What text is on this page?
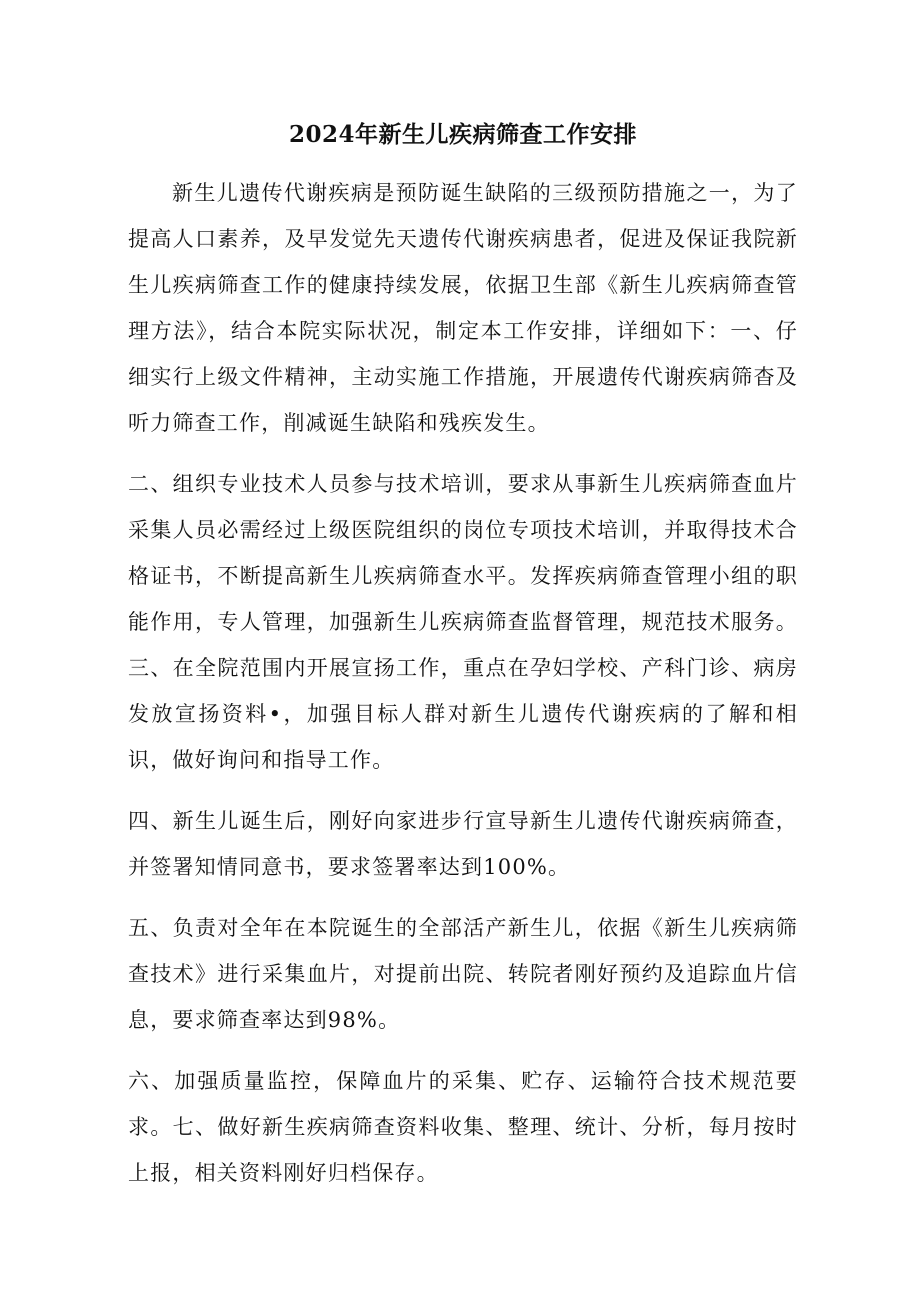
2024年新生儿疾病筛查工作安排

新生儿遗传代谢疾病是预防诞生缺陷的三级预防措施之一，为了提高人口素养，及早发觉先天遗传代谢疾病患者，促进及保证我院新生儿疾病筛查工作的健康持续发展，依据卫生部《新生儿疾病筛查管理方法》，结合本院实际状况，制定本工作安排，详细如下：一、仔细实行上级文件精神，主动实施工作措施，开展遗传代谢疾病筛杳及听力筛查工作，削减诞生缺陷和残疾发生。

二、组织专业技术人员参与技术培训，要求从事新生儿疾病筛查血片采集人员必需经过上级医院组织的岗位专项技术培训，并取得技术合格证书，不断提高新生儿疾病筛查水平。发挥疾病筛查管理小组的职能作用，专人管理，加强新生儿疾病筛查监督管理，规范技术服务。三、在全院范围内开展宣扬工作，重点在孕妇学校、产科门诊、病房发放宣扬资料•，加强目标人群对新生儿遗传代谢疾病的了解和相识，做好询问和指导工作。

四、新生儿诞生后，刚好向家进步行宣导新生儿遗传代谢疾病筛查，并签署知情同意书，要求签署率达到100%。

五、负责对全年在本院诞生的全部活产新生儿，依据《新生儿疾病筛查技术》进行采集血片，对提前出院、转院者刚好预约及追踪血片信息，要求筛查率达到98%。

六、加强质量监控，保障血片的采集、贮存、运输符合技术规范要求。七、做好新生疾病筛查资料收集、整理、统计、分析，每月按时上报，相关资料刚好归档保存。
